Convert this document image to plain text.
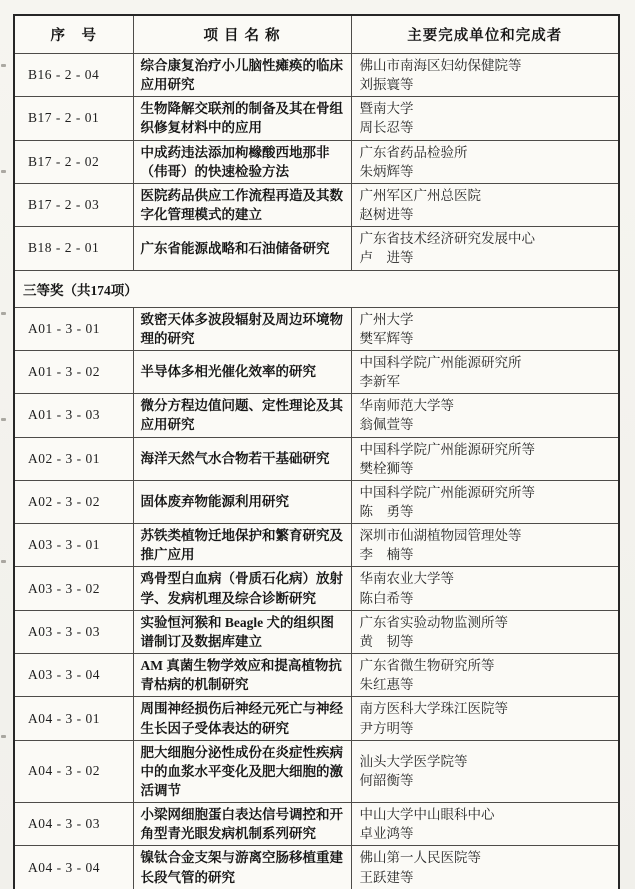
序　号	项 目 名 称	主要完成单位和完成者
B16 - 2 - 04	综合康复治疗小儿脑性瘫痪的临床应用研究	佛山市南海区妇幼保健院等
刘振寰等

B17 - 2 - 01	生物降解交联剂的制备及其在骨组织修复材料中的应用	暨南大学
周长忍等

B17 - 2 - 02	中成药违法添加枸橼酸西地那非（伟哥）的快速检验方法	广东省药品检验所
朱炳辉等

B17 - 2 - 03	医院药品供应工作流程再造及其数字化管理模式的建立	广州军区广州总医院
赵树进等

B18 - 2 - 01	广东省能源战略和石油储备研究	广东省技术经济研究发展中心
卢　进等

三等奖（共174项）		
A01 - 3 - 01	致密天体多波段辐射及周边环境物理的研究	广州大学
樊军辉等

A01 - 3 - 02	半导体多相光催化效率的研究	中国科学院广州能源研究所
李新军

A01 - 3 - 03	微分方程边值问题、定性理论及其应用研究	华南师范大学等
翁佩萱等

A02 - 3 - 01	海洋天然气水合物若干基础研究	中国科学院广州能源研究所等
樊栓狮等

A02 - 3 - 02	固体废弃物能源利用研究	中国科学院广州能源研究所等
陈　勇等

A03 - 3 - 01	苏铁类植物迁地保护和繁育研究及推广应用	深圳市仙湖植物园管理处等
李　楠等

A03 - 3 - 02	鸡骨型白血病（骨质石化病）放射学、发病机理及综合诊断研究	华南农业大学等
陈白希等

A03 - 3 - 03	实验恒河猴和 Beagle 犬的组织图谱制订及数据库建立	广东省实验动物监测所等
黄　韧等

A03 - 3 - 04	AM 真菌生物学效应和提高植物抗青枯病的机制研究	广东省微生物研究所等
朱红惠等

A04 - 3 - 01	周围神经损伤后神经元死亡与神经生长因子受体表达的研究	南方医科大学珠江医院等
尹方明等

A04 - 3 - 02	肥大细胞分泌性成份在炎症性疾病中的血浆水平变化及肥大细胞的激活调节	汕头大学医学院等
何韶衡等

A04 - 3 - 03	小梁网细胞蛋白表达信号调控和开角型青光眼发病机制系列研究	中山大学中山眼科中心
卓业鸿等

A04 - 3 - 04	镍钛合金支架与游离空肠移植重建长段气管的研究	佛山第一人民医院等
王跃建等
